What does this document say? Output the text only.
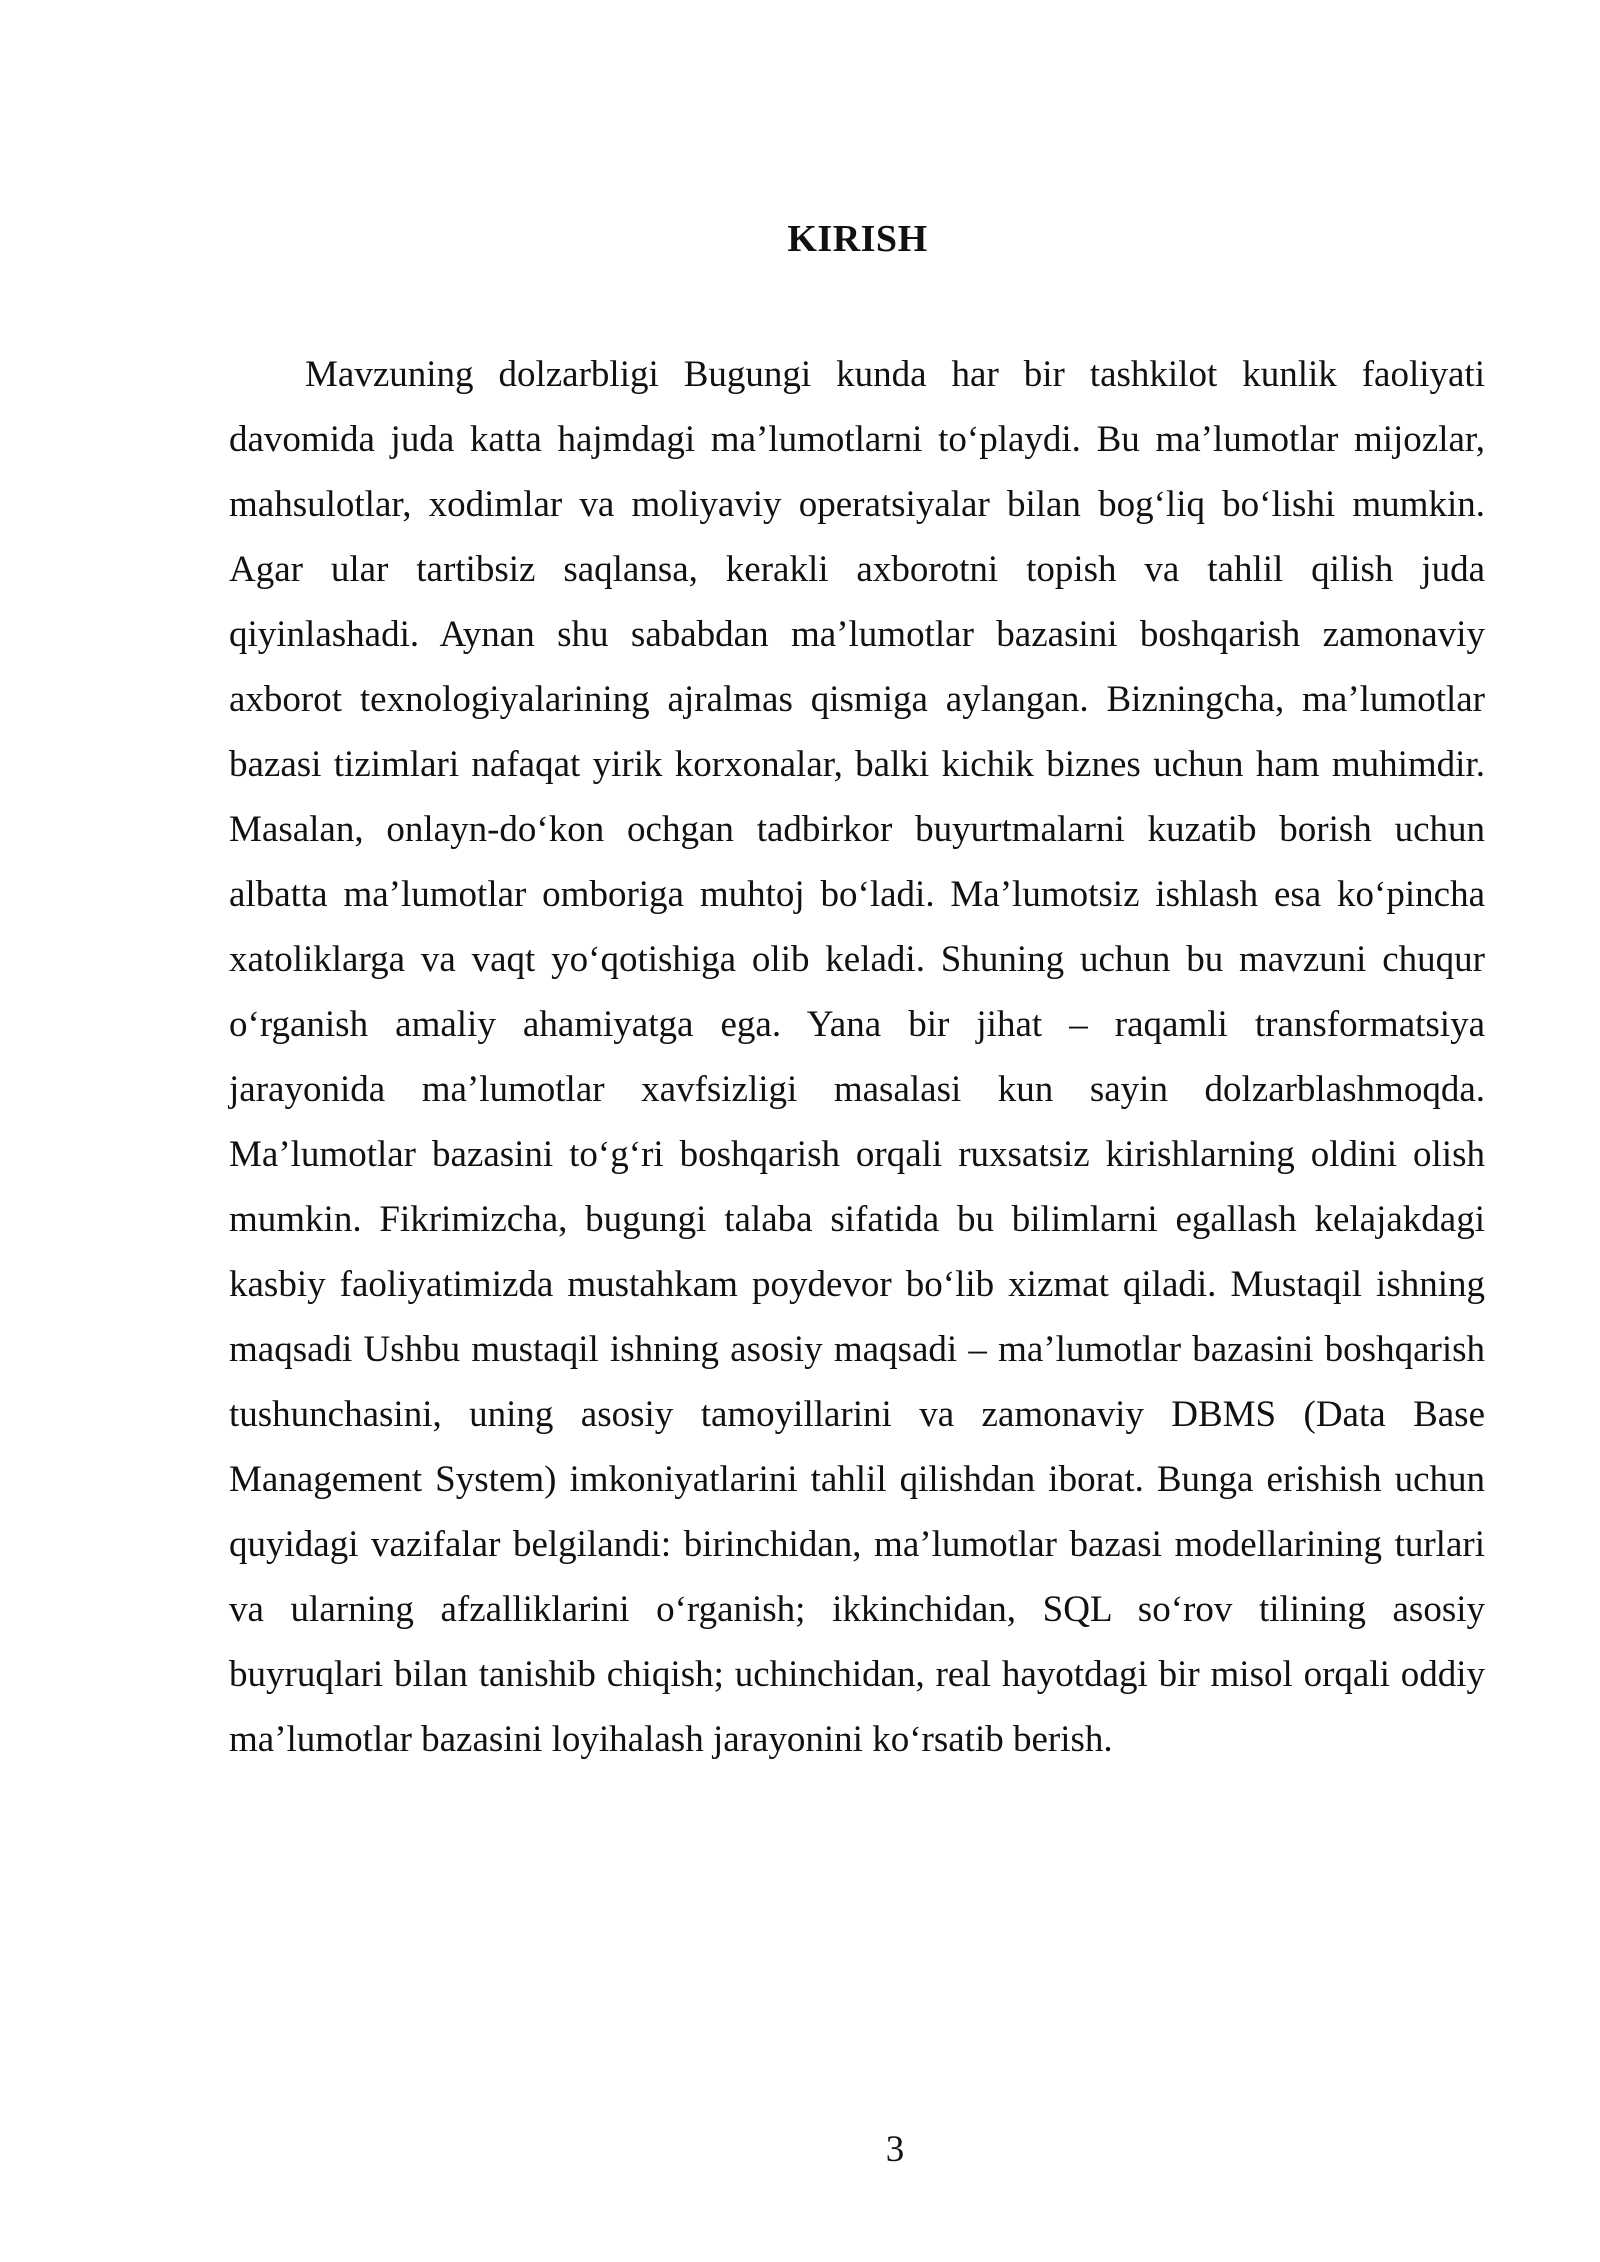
KIRISH

Mavzuning dolzarbligi Bugungi kunda har bir tashkilot kunlik faoliyati davomida juda katta hajmdagi ma’lumotlarni to‘playdi. Bu ma’lumotlar mijozlar, mahsulotlar, xodimlar va moliyaviy operatsiyalar bilan bog‘liq bo‘lishi mumkin. Agar ular tartibsiz saqlansa, kerakli axborotni topish va tahlil qilish juda qiyinlashadi. Aynan shu sababdan ma’lumotlar bazasini boshqarish zamonaviy axborot texnologiyalarining ajralmas qismiga aylangan. Bizningcha, ma’lumotlar bazasi tizimlari nafaqat yirik korxonalar, balki kichik biznes uchun ham muhimdir. Masalan, onlayn-do‘kon ochgan tadbirkor buyurtmalarni kuzatib borish uchun albatta ma’lumotlar omboriga muhtoj bo‘ladi. Ma’lumotsiz ishlash esa ko‘pincha xatoliklarga va vaqt yo‘qotishiga olib keladi. Shuning uchun bu mavzuni chuqur o‘rganish amaliy ahamiyatga ega. Yana bir jihat – raqamli transformatsiya jarayonida ma’lumotlar xavfsizligi masalasi kun sayin dolzarblashmoqda. Ma’lumotlar bazasini to‘g‘ri boshqarish orqali ruxsatsiz kirishlarning oldini olish mumkin. Fikrimizcha, bugungi talaba sifatida bu bilimlarni egallash kelajakdagi kasbiy faoliyatimizda mustahkam poydevor bo‘lib xizmat qiladi. Mustaqil ishning maqsadi Ushbu mustaqil ishning asosiy maqsadi – ma’lumotlar bazasini boshqarish tushunchasini, uning asosiy tamoyillarini va zamonaviy DBMS (Data Base Management System) imkoniyatlarini tahlil qilishdan iborat. Bunga erishish uchun quyidagi vazifalar belgilandi: birinchidan, ma’lumotlar bazasi modellarining turlari va ularning afzalliklarini o‘rganish; ikkinchidan, SQL so‘rov tilining asosiy buyruqlari bilan tanishib chiqish; uchinchidan, real hayotdagi bir misol orqali oddiy ma’lumotlar bazasini loyihalash jarayonini ko‘rsatib berish.

3
